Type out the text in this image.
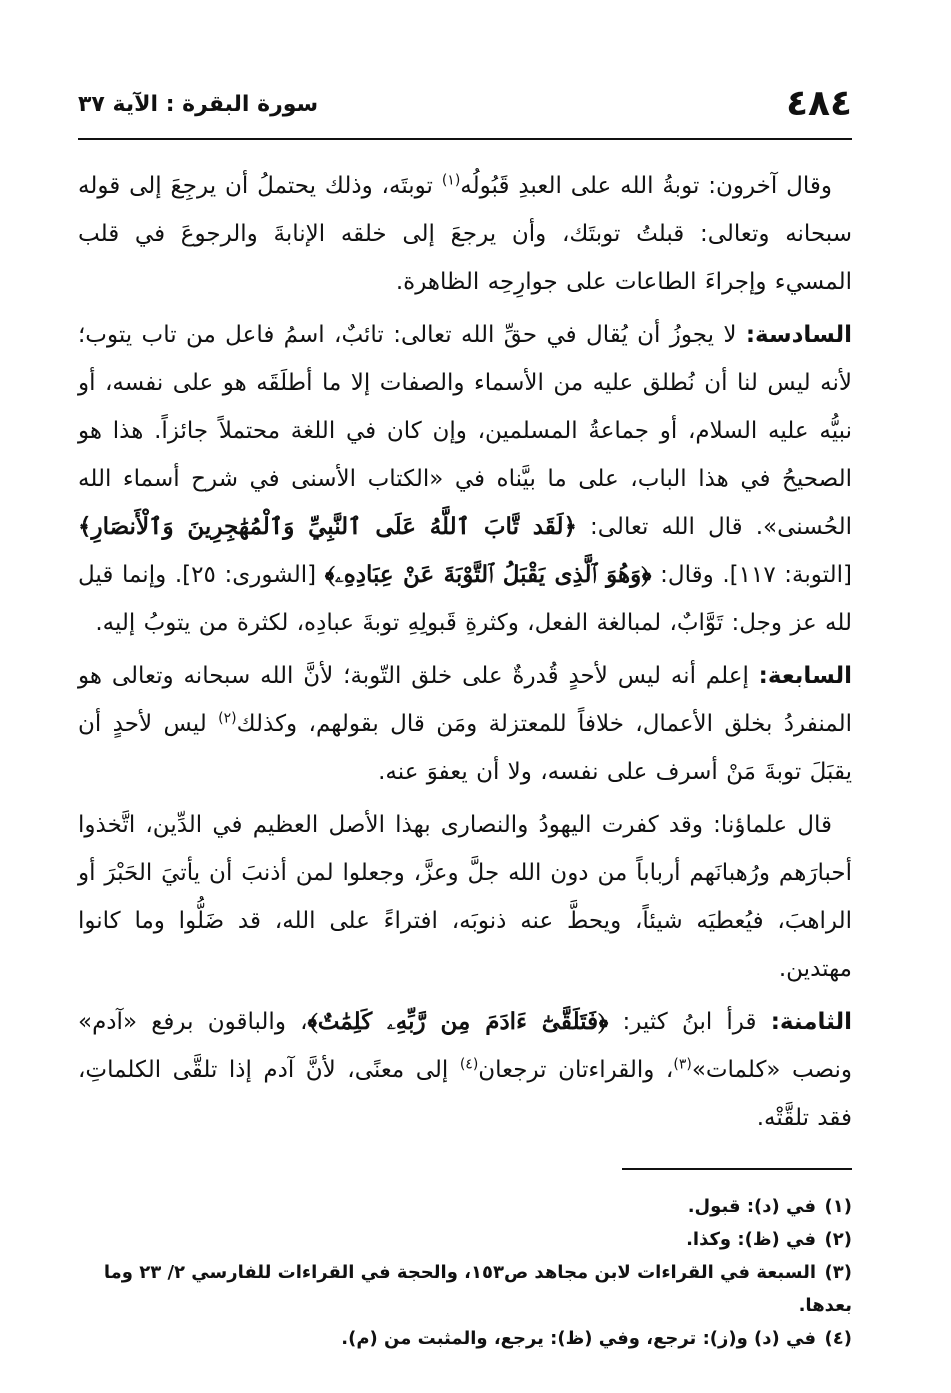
٤٨٤
سورة البقرة : الآية ٣٧

وقال آخرون: توبةُ الله على العبدِ قَبُولُه$^{(١)}$ توبتَه، وذلك يحتملُ أن يرجِعَ إلى قوله سبحانه وتعالى: قبلتُ توبتَك، وأن يرجعَ إلى خلقه الإنابةَ والرجوعَ في قلب المسيء وإجراءَ الطاعات على جوارِحِه الظاهرة.

السادسة: لا يجوزُ أن يُقال في حقِّ الله تعالى: تائبٌ، اسمُ فاعل من تاب يتوب؛ لأنه ليس لنا أن نُطلق عليه من الأسماء والصفات إلا ما أطلَقَه هو على نفسه، أو نبيُّه عليه السلام، أو جماعةُ المسلمين، وإن كان في اللغة محتملاً جائزاً. هذا هو الصحيحُ في هذا الباب، على ما بيَّناه في «الكتاب الأسنى في شرح أسماء الله الحُسنى». قال الله تعالى: ﴿لَقَد تَّابَ ٱللَّهُ عَلَى ٱلنَّبِيِّ وَٱلْمُهَٰجِرِينَ وَٱلْأَنصَارِ﴾ [التوبة: ١١٧]. وقال: ﴿وَهُوَ ٱلَّذِى يَقْبَلُ ٱلتَّوْبَةَ عَنْ عِبَادِهِۦ﴾ [الشورى: ٢٥]. وإنما قيل لله عز وجل: تَوَّابٌ، لمبالغة الفعل، وكثرةِ قَبولِهِ توبةَ عبادِه، لكثرة من يتوبُ إليه.

السابعة: إعلم أنه ليس لأحدٍ قُدرةٌ على خلق التّوبة؛ لأنَّ الله سبحانه وتعالى هو المنفردُ بخلق الأعمال، خلافاً للمعتزلة ومَن قال بقولهم، وكذلك$^{(٢)}$ ليس لأحدٍ أن يقبَلَ توبةَ مَنْ أسرف على نفسه، ولا أن يعفوَ عنه.

قال علماؤنا: وقد كفرت اليهودُ والنصارى بهذا الأصل العظيم في الدِّين، اتَّخذوا أحبارَهم ورُهبانَهم أرباباً من دون الله جلَّ وعزَّ، وجعلوا لمن أذنبَ أن يأتيَ الحَبْرَ أو الراهبَ، فيُعطيَه شيئاً، ويحطَّ عنه ذنوبَه، افتراءً على الله، قد ضَلُّوا وما كانوا مهتدين.

الثامنة: قرأ ابنُ كثير: ﴿فَتَلَقَّىٰٓ ءَادَمَ مِن رَّبِّهِۦ كَلِمَٰتٌ﴾، والباقون برفع «آدم» ونصب «كلمات»$^{(٣)}$، والقراءتان ترجعان$^{(٤)}$ إلى معنًى، لأنَّ آدم إذا تلقَّى الكلماتِ، فقد تلقَّتْه.

(١)في (د): قبول.

(٢)في (ظ): وكذا.

(٣)السبعة في القراءات لابن مجاهد ص١٥٣، والحجة في القراءات للفارسي ٢/ ٢٣ وما بعدها.

(٤)في (د) و(ز): ترجع، وفي (ظ): يرجع، والمثبت من (م).
